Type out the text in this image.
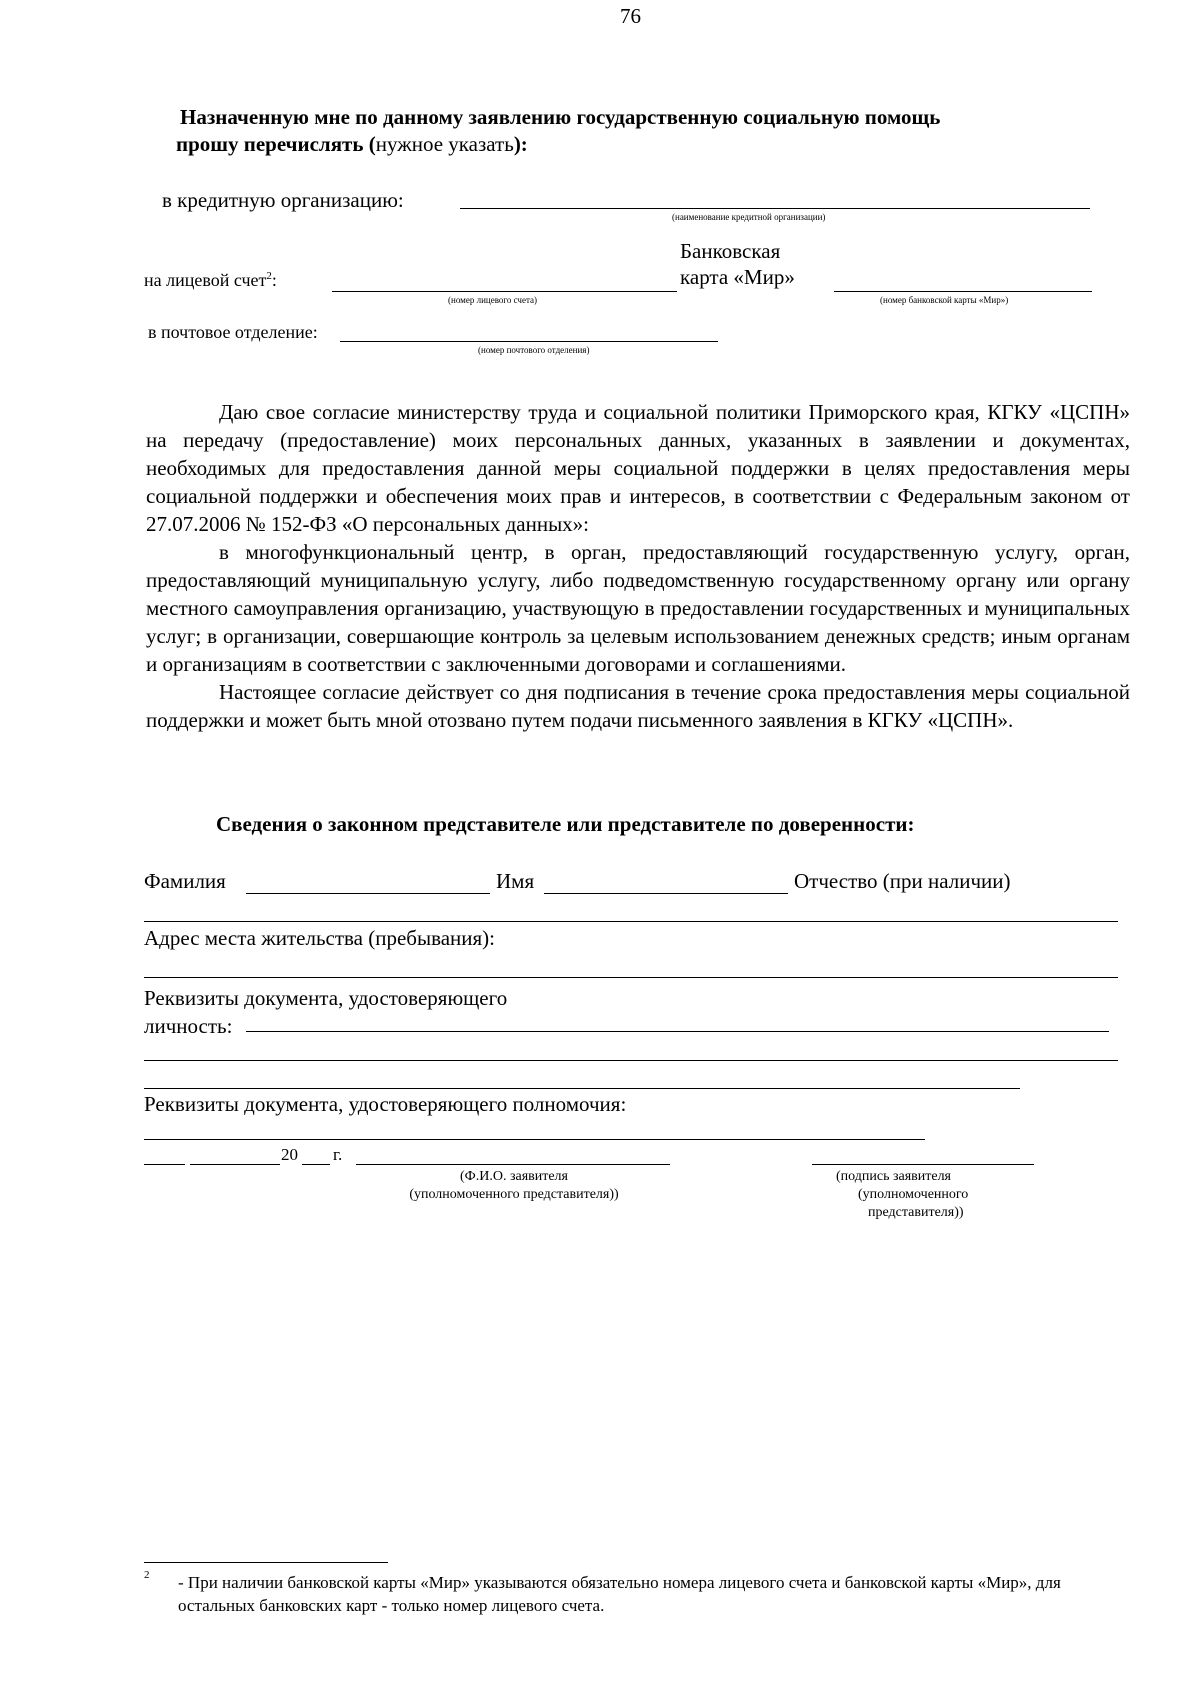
76
Назначенную мне по данному заявлению государственную социальную помощь
прошу перечислять (нужное указать):
в кредитную организацию:
(наименование кредитной организации)
Банковская
карта «Мир»
на лицевой счет$^2$:
(номер лицевого счета)	(номер банковской карты «Мир»)
в почтовое отделение:
(номер почтового отделения)

Даю свое согласие министерству труда и социальной политики Приморского края, КГКУ «ЦСПН» на передачу (предоставление) моих персональных данных, указанных в заявлении и документах, необходимых для предоставления данной меры социальной поддержки в целях предоставления меры социальной поддержки и обеспечения моих прав и интересов, в соответствии с Федеральным законом от 27.07.2006 № 152-ФЗ «О персональных данных»:

в многофункциональный центр, в орган, предоставляющий государственную услугу, орган, предоставляющий муниципальную услугу, либо подведомственную государственному органу или органу местного самоуправления организацию, участвующую в предоставлении государственных и муниципальных услуг; в организации, совершающие контроль за целевым использованием денежных средств; иным органам и организациям в соответствии с заключенными договорами и соглашениями.

Настоящее согласие действует со дня подписания в течение срока предоставления меры социальной поддержки и может быть мной отозвано путем подачи письменного заявления в КГКУ «ЦСПН».

Сведения о законном представителе или представителе по доверенности:
Фамилия	Имя	Отчество (при наличии)
Адрес места жительства (пребывания):
Реквизиты документа, удостоверяющего
личность:
Реквизиты документа, удостоверяющего полномочия:
20 г.
(Ф.И.О. заявителя
(уполномоченного представителя))
(подпись заявителя
(уполномоченного
представителя))
2 - При наличии банковской карты «Мир» указываются обязательно номера лицевого счета и банковской карты «Мир», для остальных банковских карт - только номер лицевого счета.
